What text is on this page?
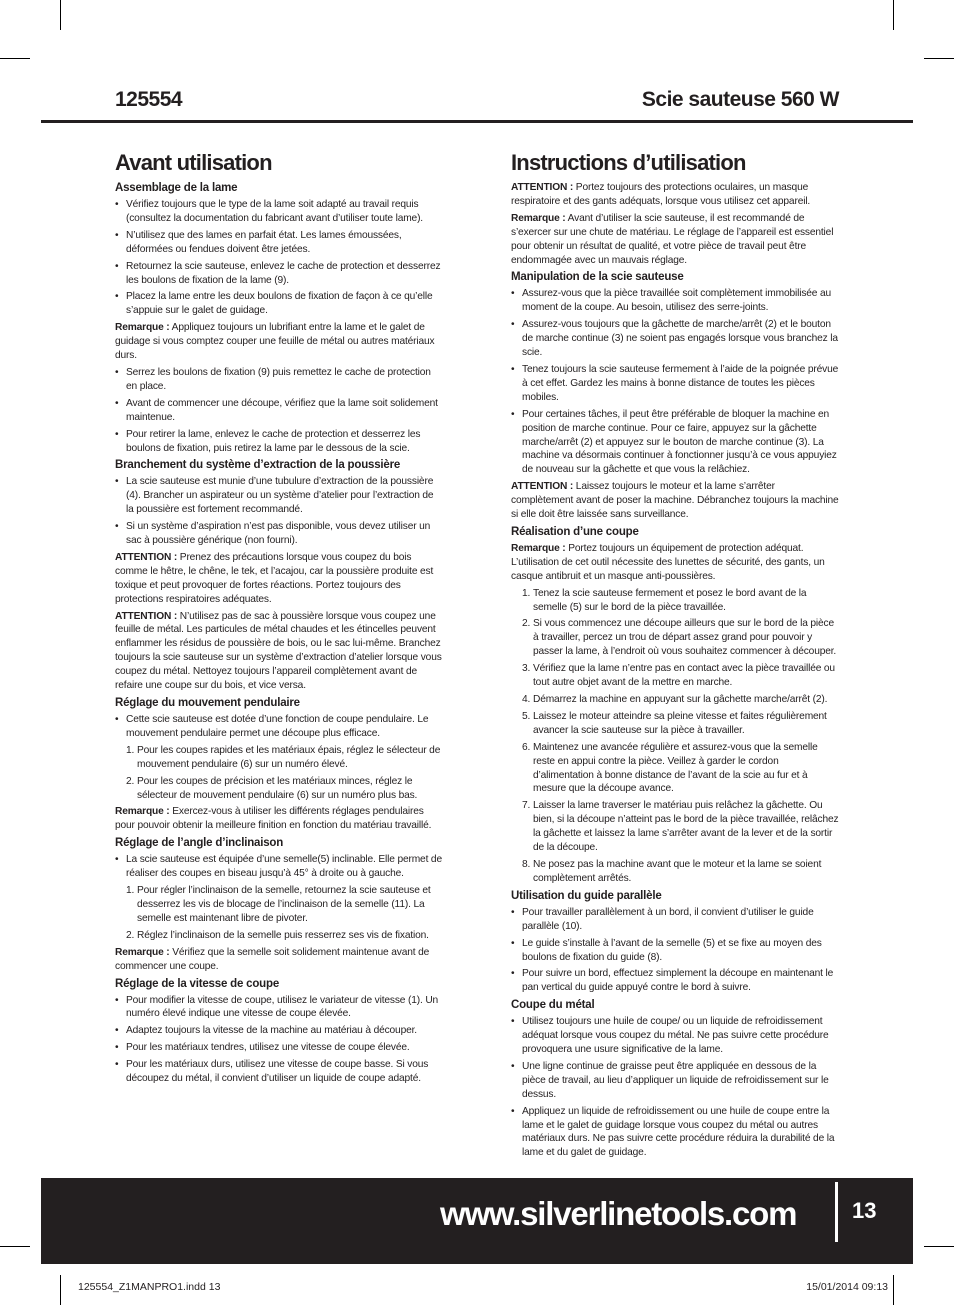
125554	Scie sauteuse 560 W
Avant utilisation
Assemblage de la lame
• Vérifiez toujours que le type de la lame soit adapté au travail requis (consultez la documentation du fabricant avant d’utiliser toute lame).
• N’utilisez que des lames en parfait état. Les lames émoussées, déformées ou fendues doivent être jetées.
• Retournez la scie sauteuse, enlevez le cache de protection et desserrez les boulons de fixation de la lame (9).
• Placez la lame entre les deux boulons de fixation de façon à ce qu’elle s’appuie sur le galet de guidage.

Remarque : Appliquez toujours un lubrifiant entre la lame et le galet de guidage si vous comptez couper une feuille de métal ou autres matériaux durs.

• Serrez les boulons de fixation (9) puis remettez le cache de protection en place.
• Avant de commencer une découpe, vérifiez que la lame soit solidement maintenue.
• Pour retirer la lame, enlevez le cache de protection et desserrez les boulons de fixation, puis retirez la lame par le dessous de la scie.
Branchement du système d’extraction de la poussière
• La scie sauteuse est munie d’une tubulure d’extraction de la poussière (4). Brancher un aspirateur ou un système d’atelier pour l’extraction de la poussière est fortement recommandé.
• Si un système d’aspiration n’est pas disponible, vous devez utiliser un sac à poussière générique (non fourni).

ATTENTION : Prenez des précautions lorsque vous coupez du bois comme le hêtre, le chêne, le tek, et l’acajou, car la poussière produite est toxique et peut provoquer de fortes réactions. Portez toujours des protections respiratoires adéquates.

ATTENTION : N’utilisez pas de sac à poussière lorsque vous coupez une feuille de métal. Les particules de métal chaudes et les étincelles peuvent enflammer les résidus de poussière de bois, ou le sac lui-même. Branchez toujours la scie sauteuse sur un système d’extraction d’atelier lorsque vous coupez du métal. Nettoyez toujours l’appareil complètement avant de refaire une coupe sur du bois, et vice versa.

Réglage du mouvement pendulaire
• Cette scie sauteuse est dotée d’une fonction de coupe pendulaire. Le mouvement pendulaire permet une découpe plus efficace.
1. Pour les coupes rapides et les matériaux épais, réglez le sélecteur de mouvement pendulaire (6) sur un numéro élevé.
2. Pour les coupes de précision et les matériaux minces, réglez le sélecteur de mouvement pendulaire (6) sur un numéro plus bas.

Remarque : Exercez-vous à utiliser les différents réglages pendulaires pour pouvoir obtenir la meilleure finition en fonction du matériau travaillé.

Réglage de l’angle d’inclinaison
• La scie sauteuse est équipée d’une semelle(5) inclinable. Elle permet de réaliser des coupes en biseau jusqu’à 45° à droite ou à gauche.
1. Pour régler l’inclinaison de la semelle, retournez la scie sauteuse et desserrez les vis de blocage de l’inclinaison de la semelle (11). La semelle est maintenant libre de pivoter.
2. Réglez l’inclinaison de la semelle puis resserrez ses vis de fixation.

Remarque : Vérifiez que la semelle soit solidement maintenue avant de commencer une coupe.

Réglage de la vitesse de coupe
• Pour modifier la vitesse de coupe, utilisez le variateur de vitesse (1). Un numéro élevé indique une vitesse de coupe élevée.
• Adaptez toujours la vitesse de la machine au matériau à découper.
• Pour les matériaux tendres, utilisez une vitesse de coupe élevée.
• Pour les matériaux durs, utilisez une vitesse de coupe basse. Si vous découpez du métal, il convient d’utiliser un liquide de coupe adapté.
Instructions d’utilisation

ATTENTION : Portez toujours des protections oculaires, un masque respiratoire et des gants adéquats, lorsque vous utilisez cet appareil.

Remarque : Avant d’utiliser la scie sauteuse, il est recommandé de s’exercer sur une chute de matériau. Le réglage de l’appareil est essentiel pour obtenir un résultat de qualité, et votre pièce de travail peut être endommagée avec un mauvais réglage.

Manipulation de la scie sauteuse
• Assurez-vous que la pièce travaillée soit complètement immobilisée au moment de la coupe. Au besoin, utilisez des serre-joints.
• Assurez-vous toujours que la gâchette de marche/arrêt (2) et le bouton de marche continue (3) ne soient pas engagés lorsque vous branchez la scie.
• Tenez toujours la scie sauteuse fermement à l’aide de la poignée prévue à cet effet. Gardez les mains à bonne distance de toutes les pièces mobiles.
• Pour certaines tâches, il peut être préférable de bloquer la machine en position de marche continue. Pour ce faire, appuyez sur la gâchette marche/arrêt (2) et appuyez sur le bouton de marche continue (3). La machine va désormais continuer à fonctionner jusqu’à ce vous appuyiez de nouveau sur la gâchette et que vous la relâchiez.

ATTENTION : Laissez toujours le moteur et la lame s’arrêter complètement avant de poser la machine. Débranchez toujours la machine si elle doit être laissée sans surveillance.

Réalisation d’une coupe

Remarque : Portez toujours un équipement de protection adéquat. L’utilisation de cet outil nécessite des lunettes de sécurité, des gants, un casque antibruit et un masque anti-poussières.

1. Tenez la scie sauteuse fermement et posez le bord avant de la semelle (5) sur le bord de la pièce travaillée.
2. Si vous commencez une découpe ailleurs que sur le bord de la pièce à travailler, percez un trou de départ assez grand pour pouvoir y passer la lame, à l’endroit où vous souhaitez commencer à découper.
3. Vérifiez que la lame n’entre pas en contact avec la pièce travaillée ou tout autre objet avant de la mettre en marche.
4. Démarrez la machine en appuyant sur la gâchette marche/arrêt (2).
5. Laissez le moteur atteindre sa pleine vitesse et faites régulièrement avancer la scie sauteuse sur la pièce à travailler.
6. Maintenez une avancée régulière et assurez-vous que la semelle reste en appui contre la pièce. Veillez à garder le cordon d’alimentation à bonne distance de l’avant de la scie au fur et à mesure que la découpe avance.
7. Laisser la lame traverser le matériau puis relâchez la gâchette. Ou bien, si la découpe n’atteint pas le bord de la pièce travaillée, relâchez la gâchette et laissez la lame s’arrêter avant de la lever et de la sortir de la découpe.
8. Ne posez pas la machine avant que le moteur et la lame se soient complètement arrêtés.
Utilisation du guide parallèle
• Pour travailler parallèlement à un bord, il convient d’utiliser le guide parallèle (10).
• Le guide s’installe à l’avant de la semelle (5) et se fixe au moyen des boulons de fixation du guide (8).
• Pour suivre un bord, effectuez simplement la découpe en maintenant le pan vertical du guide appuyé contre le bord à suivre.
Coupe du métal
• Utilisez toujours une huile de coupe/ ou un liquide de refroidissement adéquat lorsque vous coupez du métal. Ne pas suivre cette procédure provoquera une usure significative de la lame.
• Une ligne continue de graisse peut être appliquée en dessous de la pièce de travail, au lieu d’appliquer un liquide de refroidissement sur le dessus.
• Appliquez un liquide de refroidissement ou une huile de coupe entre la lame et le galet de guidage lorsque vous coupez du métal ou autres matériaux durs. Ne pas suivre cette procédure réduira la durabilité de la lame et du galet de guidage.
www.silverlinetools.com	13
125554_Z1MANPRO1.indd 13	15/01/2014 09:13
